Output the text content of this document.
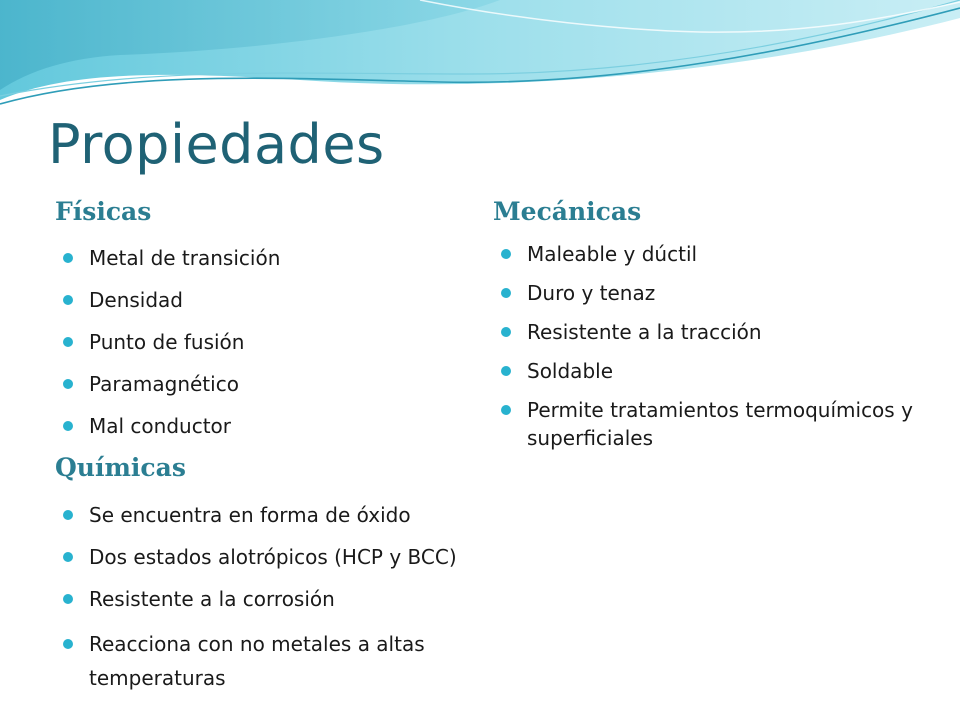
Propiedades
Físicas
Metal de transición
Densidad
Punto de fusión
Paramagnético
Mal conductor
Químicas
Se encuentra en forma de óxido
Dos estados alotrópicos (HCP y BCC)
Resistente a la corrosión
Reacciona con no metales a altas temperaturas
Mecánicas
Maleable y dúctil
Duro y tenaz
Resistente a la tracción
Soldable
Permite tratamientos termoquímicos y superficiales
